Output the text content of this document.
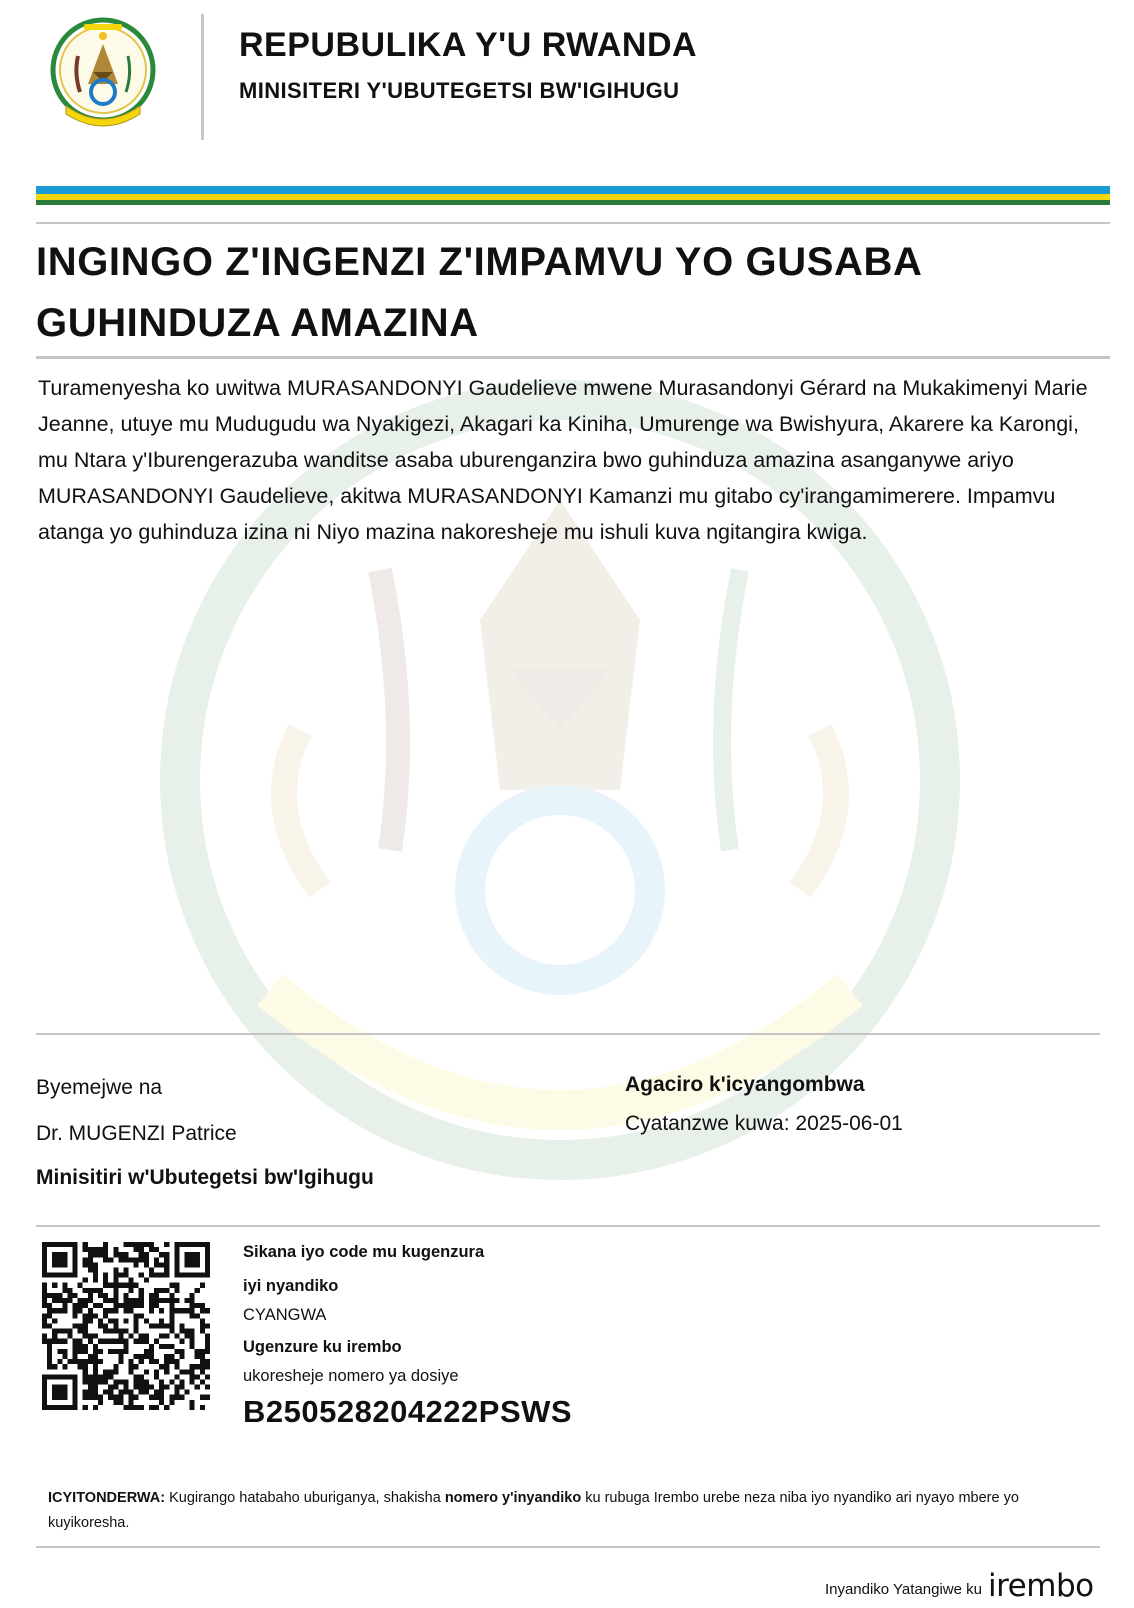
REPUBULIKA Y'U RWANDA
MINISITERI Y'UBUTEGETSI BW'IGIHUGU
INGINGO Z'INGENZI Z'IMPAMVU YO GUSABA GUHINDUZA AMAZINA
Turamenyesha ko uwitwa MURASANDONYI Gaudelieve mwene Murasandonyi Gérard na Mukakimenyi Marie Jeanne, utuye mu Mudugudu wa Nyakigezi, Akagari ka Kiniha, Umurenge wa Bwishyura, Akarere ka Karongi, mu Ntara y'Iburengerazuba wanditse asaba uburenganzira bwo guhinduza amazina asanganywe ariyo MURASANDONYI Gaudelieve, akitwa MURASANDONYI Kamanzi mu gitabo cy'irangamimerere. Impamvu atanga yo guhinduza izina ni Niyo mazina nakoresheje mu ishuli kuva ngitangira kwiga.
Byemejwe na
Dr. MUGENZI Patrice
Minisitiri w'Ubutegetsi bw'Igihugu
Agaciro k'icyangombwa
Cyatanzwe kuwa: 2025-06-01
Sikana iyo code mu kugenzura
iyi nyandiko
CYANGWA
Ugenzure ku irembo
ukoresheje nomero ya dosiye
B250528204222PSWS
ICYITONDERWA: Kugirango hatabaho uburiganya, shakisha nomero y'inyandiko ku rubuga Irembo urebe neza niba iyo nyandiko ari nyayo mbere yo kuyikoresha.
Inyandiko Yatangiwe ku irembo
